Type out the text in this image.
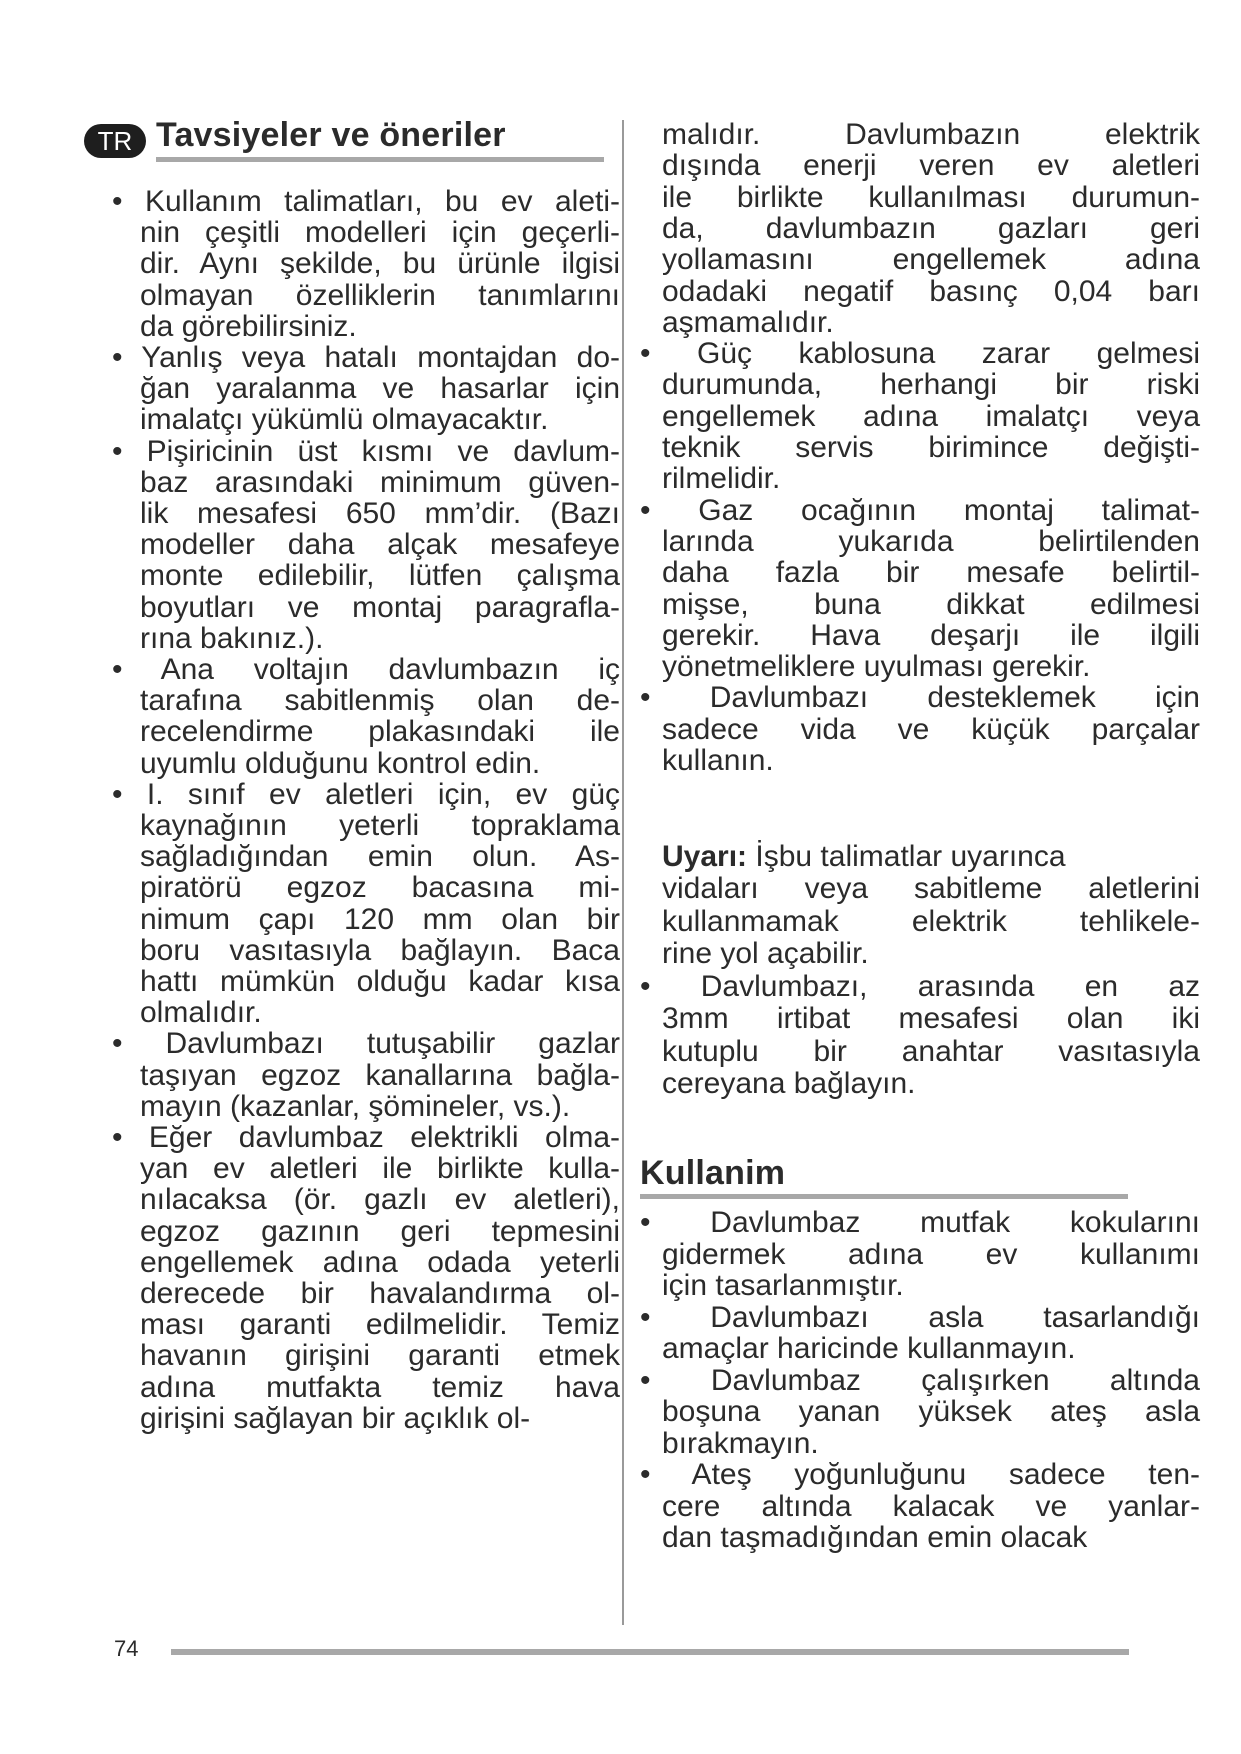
TR Tavsiyeler ve öneriler
• Kullanım talimatları, bu ev aleti-
nin çeşitli modelleri için geçerli-
dir. Aynı şekilde, bu ürünle ilgisi
olmayan özelliklerin tanımlarını
da görebilirsiniz.
• Yanlış veya hatalı montajdan do-
ğan yaralanma ve hasarlar için
imalatçı yükümlü olmayacaktır.
• Pişiricinin üst kısmı ve davlum-
baz arasındaki minimum güven-
lik mesafesi 650 mm’dir. (Bazı
modeller daha alçak mesafeye
monte edilebilir, lütfen çalışma
boyutları ve montaj paragrafla-
rına bakınız.).
• Ana voltajın davlumbazın iç
tarafına sabitlenmiş olan de-
recelendirme plakasındaki ile
uyumlu olduğunu kontrol edin.
• I. sınıf ev aletleri için, ev güç
kaynağının yeterli topraklama
sağladığından emin olun. As-
piratörü egzoz bacasına mi-
nimum çapı 120 mm olan bir
boru vasıtasıyla bağlayın. Baca
hattı mümkün olduğu kadar kısa
olmalıdır.
• Davlumbazı tutuşabilir gazlar
taşıyan egzoz kanallarına bağla-
mayın (kazanlar, şömineler, vs.).
• Eğer davlumbaz elektrikli olma-
yan ev aletleri ile birlikte kulla-
nılacaksa (ör. gazlı ev aletleri),
egzoz gazının geri tepmesini
engellemek adına odada yeterli
derecede bir havalandırma ol-
ması garanti edilmelidir. Temiz
havanın girişini garanti etmek
adına mutfakta temiz hava
girişini sağlayan bir açıklık ol-
malıdır. Davlumbazın elektrik
dışında enerji veren ev aletleri
ile birlikte kullanılması durumun-
da, davlumbazın gazları geri
yollamasını engellemek adına
odadaki negatif basınç 0,04 barı
aşmamalıdır.
• Güç kablosuna zarar gelmesi
durumunda, herhangi bir riski
engellemek adına imalatçı veya
teknik servis birimince değişti-
rilmelidir.
• Gaz ocağının montaj talimat-
larında yukarıda belirtilenden
daha fazla bir mesafe belirtil-
mişse, buna dikkat edilmesi
gerekir. Hava deşarjı ile ilgili
yönetmeliklere uyulması gerekir.
• Davlumbazı desteklemek için
sadece vida ve küçük parçalar
kullanın.
Uyarı: İşbu talimatlar uyarınca
vidaları veya sabitleme aletlerini
kullanmamak elektrik tehlikele-
rine yol açabilir.
• Davlumbazı, arasında en az
3mm irtibat mesafesi olan iki
kutuplu bir anahtar vasıtasıyla
cereyana bağlayın.
• Davlumbaz mutfak kokularını
gidermek adına ev kullanımı
için tasarlanmıştır.
• Davlumbazı asla tasarlandığı
amaçlar haricinde kullanmayın.
• Davlumbaz çalışırken altında
boşuna yanan yüksek ateş asla
bırakmayın.
• Ateş yoğunluğunu sadece ten-
cere altında kalacak ve yanlar-
dan taşmadığından emin olacak
Kullanim
74
